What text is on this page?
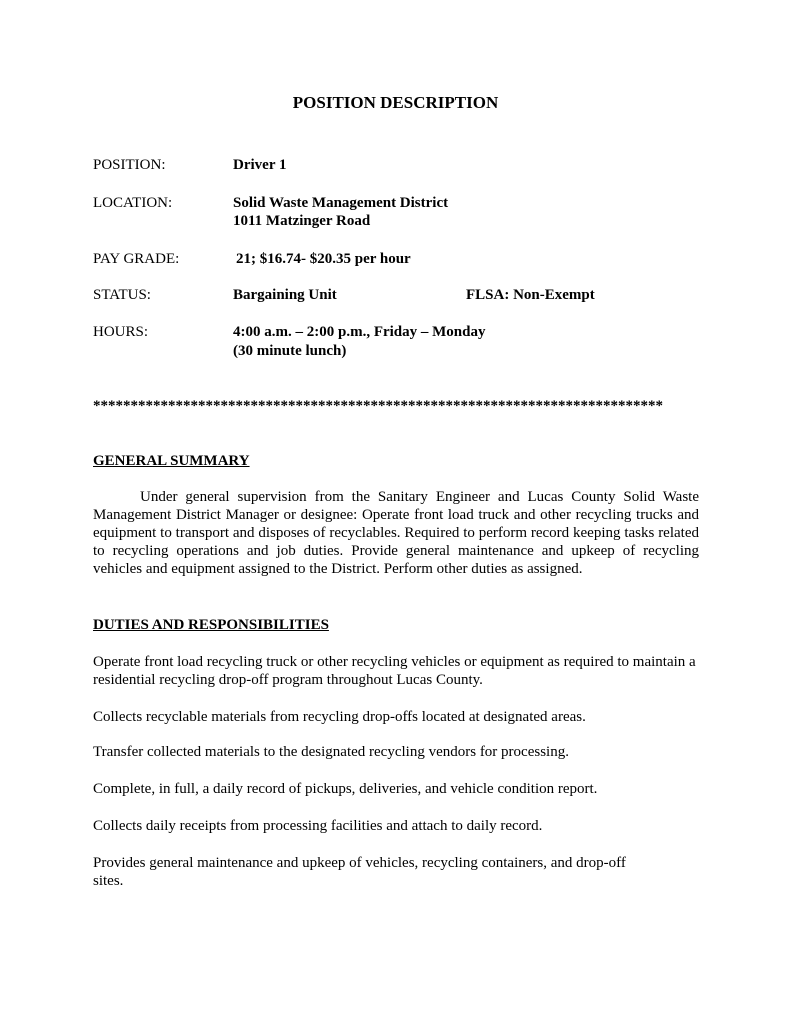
POSITION DESCRIPTION
POSITION:	Driver 1
LOCATION:	Solid Waste Management District
1011 Matzinger Road
PAY GRADE:	21; $16.74- $20.35 per hour
STATUS:	Bargaining Unit	FLSA: Non-Exempt
HOURS:	4:00 a.m. – 2:00 p.m., Friday – Monday
(30 minute lunch)
****************************************************************************
GENERAL SUMMARY

Under general supervision from the Sanitary Engineer and Lucas County Solid Waste Management District Manager or designee: Operate front load truck and other recycling trucks and equipment to transport and disposes of recyclables. Required to perform record keeping tasks related to recycling operations and job duties. Provide general maintenance and upkeep of recycling vehicles and equipment assigned to the District. Perform other duties as assigned.

DUTIES AND RESPONSIBILITIES

Operate front load recycling truck or other recycling vehicles or equipment as required to maintain a residential recycling drop-off program throughout Lucas County.

Collects recyclable materials from recycling drop-offs located at designated areas.

Transfer collected materials to the designated recycling vendors for processing.

Complete, in full, a daily record of pickups, deliveries, and vehicle condition report.

Collects daily receipts from processing facilities and attach to daily record.

Provides general maintenance and upkeep of vehicles, recycling containers, and drop-off sites.
